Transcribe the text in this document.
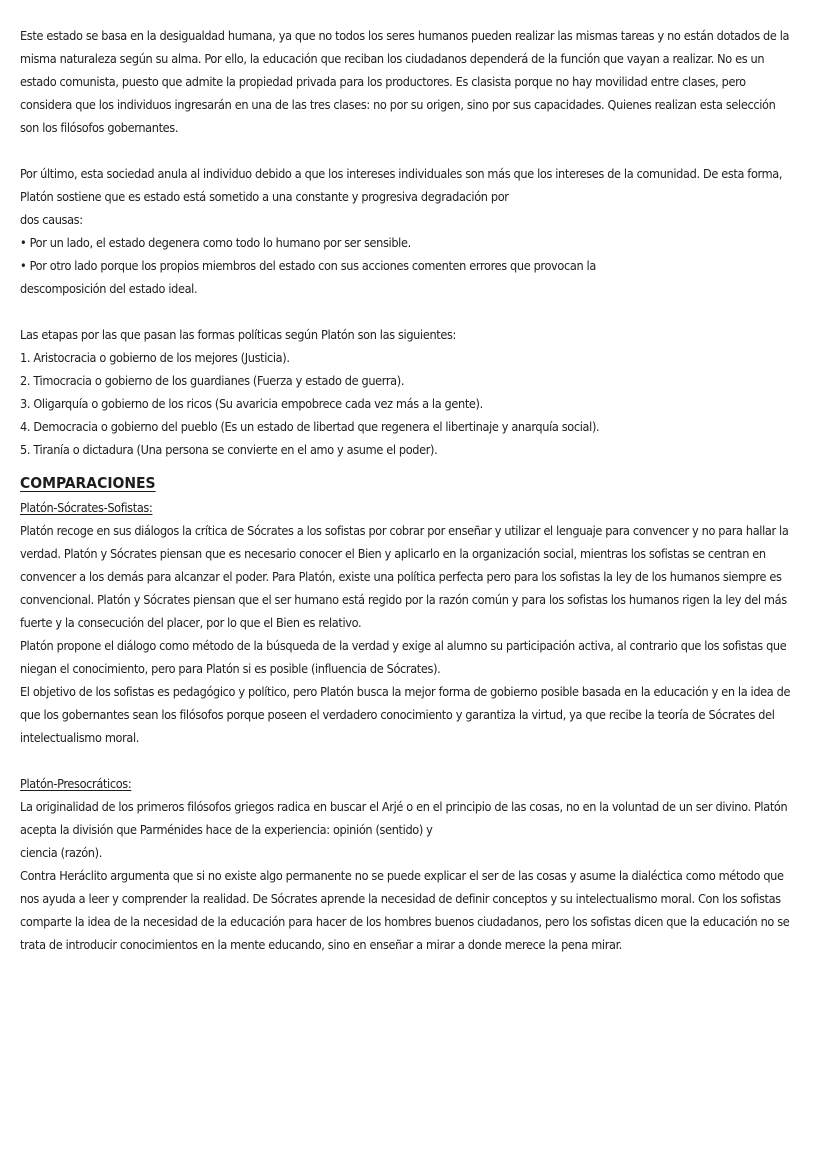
Este estado se basa en la desigualdad humana, ya que no todos los seres humanos pueden realizar las mismas tareas y no están dotados de la misma naturaleza según su alma. Por ello, la educación que reciban los ciudadanos dependerá de la función que vayan a realizar. No es un estado comunista, puesto que admite la propiedad privada para los productores. Es clasista porque no hay movilidad entre clases, pero considera que los individuos ingresarán en una de las tres clases: no por su origen, sino por sus capacidades. Quienes realizan esta selección son los filósofos gobernantes.

Por último, esta sociedad anula al individuo debido a que los intereses individuales son más que los intereses de la comunidad. De esta forma, Platón sostiene que es estado está sometido a una constante y progresiva degradación por

dos causas:

• Por un lado, el estado degenera como todo lo humano por ser sensible.
• Por otro lado porque los propios miembros del estado con sus acciones comenten errores que provocan la

descomposición del estado ideal.

Las etapas por las que pasan las formas políticas según Platón son las siguientes:

1. Aristocracia o gobierno de los mejores (Justicia).
2. Timocracia o gobierno de los guardianes (Fuerza y estado de guerra).
3. Oligarquía o gobierno de los ricos (Su avaricia empobrece cada vez más a la gente).
4. Democracia o gobierno del pueblo (Es un estado de libertad que regenera el libertinaje y anarquía social).
5. Tiranía o dictadura (Una persona se convierte en el amo y asume el poder).
COMPARACIONES

Platón-Sócrates-Sofistas:

Platón recoge en sus diálogos la crítica de Sócrates a los sofistas por cobrar por enseñar y utilizar el lenguaje para convencer y no para hallar la verdad. Platón y Sócrates piensan que es necesario conocer el Bien y aplicarlo en la organización social, mientras los sofistas se centran en convencer a los demás para alcanzar el poder. Para Platón, existe una política perfecta pero para los sofistas la ley de los humanos siempre es convencional. Platón y Sócrates piensan que el ser humano está regido por la razón común y para los sofistas los humanos rigen la ley del más fuerte y la consecución del placer, por lo que el Bien es relativo.

Platón propone el diálogo como método de la búsqueda de la verdad y exige al alumno su participación activa, al contrario que los sofistas que niegan el conocimiento, pero para Platón si es posible (influencia de Sócrates).

El objetivo de los sofistas es pedagógico y político, pero Platón busca la mejor forma de gobierno posible basada en la educación y en la idea de que los gobernantes sean los filósofos porque poseen el verdadero conocimiento y garantiza la virtud, ya que recibe la teoría de Sócrates del intelectualismo moral.

Platón-Presocráticos:

La originalidad de los primeros filósofos griegos radica en buscar el Arjé o en el principio de las cosas, no en la voluntad de un ser divino. Platón acepta la división que Parménides hace de la experiencia: opinión (sentido) y

ciencia (razón).

Contra Heráclito argumenta que si no existe algo permanente no se puede explicar el ser de las cosas y asume la dialéctica como método que nos ayuda a leer y comprender la realidad. De Sócrates aprende la necesidad de definir conceptos y su intelectualismo moral. Con los sofistas comparte la idea de la necesidad de la educación para hacer de los hombres buenos ciudadanos, pero los sofistas dicen que la educación no se trata de introducir conocimientos en la mente educando, sino en enseñar a mirar a donde merece la pena mirar.
